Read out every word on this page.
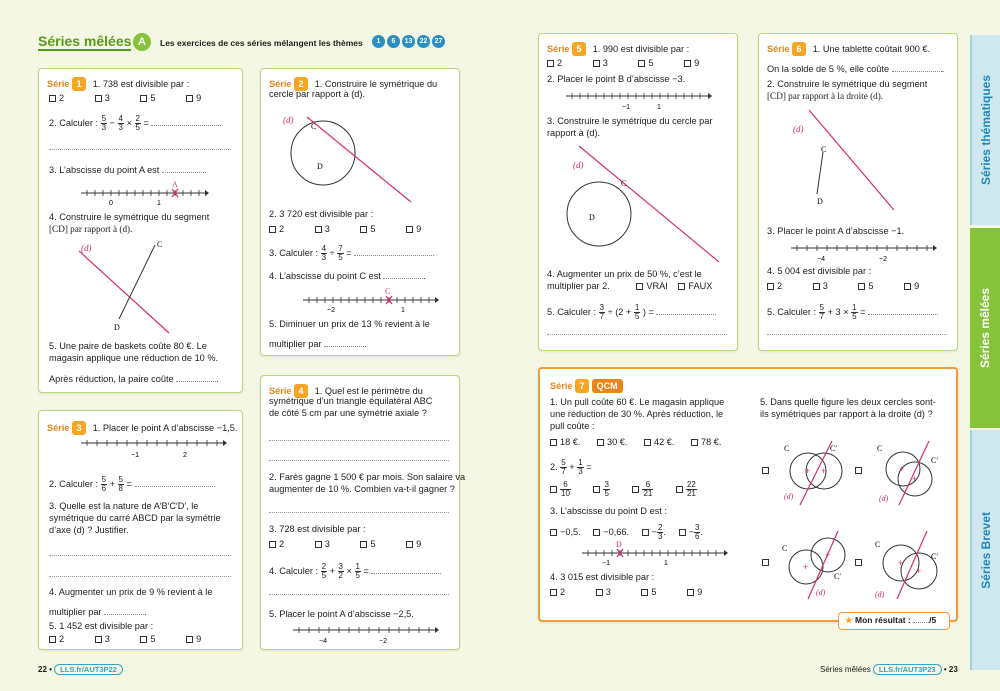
Séries thématiques
Séries mêlées
Séries Brevet
Séries mêlées A	Les exercices de ces séries mélangent les thèmes	1 6 13 22 27
Série 1 1. 738 est divisible par :
2	3	5	9
2. Calculer : $\frac{5}{3} - \frac{4}{3} \times \frac{2}{5}$ =
3. L’abscisse du point A est	.
A
0	1
4. Construire le symétrique du segment
[CD] par rapport à (d).
(d)	C
D
5. Une paire de baskets coûte 80 €. Le
magasin applique une réduction de 10 %.
Après réduction, la paire coûte	.
Série 2 1. Construire le symétrique du
cercle par rapport à (d).
(d)
C
D
2. 3 720 est divisible par :
2	3	5	9
3. Calculer : $\frac{4}{3} \div \frac{7}{5}$ =
4. L’abscisse du point C est	.
C
−2	1
5. Diminuer un prix de 13 % revient à le
multiplier par	.
Série 3 1. Placer le point A d’abscisse −1,5.
−1	2
2. Calculer : $\frac{5}{6} + \frac{5}{8}$ =
3. Quelle est la nature de A′B′C′D′, le
symétrique du carré ABCD par la symétrie
d’axe (d) ? Justifier.
4. Augmenter un prix de 9 % revient à le
multiplier par	.
5. 1 452 est divisible par :
2	3	5	9
Série 4 1. Quel est le périmètre du
symétrique d’un triangle équilatéral ABC
de côté 5 cm par une symétrie axiale ?
2. Farès gagne 1 500 € par mois. Son salaire va
augmenter de 10 %. Combien va-t-il gagner ?
3. 728 est divisible par :
2	3	5	9
4. Calculer : $\frac{2}{5} + \frac{3}{2} \times \frac{1}{5}$ =
5. Placer le point A d’abscisse −2,5.
−4	−2
Série 5 1. 990 est divisible par :
2	3	5	9
2. Placer le point B d’abscisse −3.
−1	1
3. Construire le symétrique du cercle par
rapport à (d).
(d)
C
D
4. Augmenter un prix de 50 %, c’est le
multiplier par 2.	VRAI FAUX
5. Calculer : $\frac{3}{7} \div (2 + \frac{1}{5}$ ) =
Série 6 1. Une tablette coûtait 900 €.
On la solde de 5 %, elle coûte	.
2. Construire le symétrique du segment
[CD] par rapport à la droite (d).
(d)
C
D
3. Placer le point A d’abscisse −1.
−4	−2
4. 5 004 est divisible par :
2	3	5	9
5. Calculer : $\frac{5}{7} + 3 \times \frac{1}{5}$ =
Série 7 QCM
1. Un pull coûte 60 €. Le magasin applique
une réduction de 30 %. Après réduction, le
pull coûte :
18 €.	30 €.	42 €.	78 €.
2. $\frac{5}{7} + \frac{1}{3}$ =
$\frac{6}{10}$
	$\frac{3}{5}$
	$\frac{6}{21}$
	$\frac{22}{21}$
3. L’abscisse du point D est :
−0,5. −0,66. − $\frac{2}{3}$ . − $\frac{3}{6}$ .
D
−1	1
4. 3 015 est divisible par :
2	3	5	9
5. Dans quelle figure les deux cercles sont-
ils symétriques par rapport à la droite (d) ?
C	C′
(d)
+ +
C
C′
(d)
+
+
C
C′
(d)
+
+
C
C′
(d)
+
+
★ Mon résultat : /5
22 • LLS.fr/AUT3P22	Séries mêlées LLS.fr/AUT3P23 • 23
